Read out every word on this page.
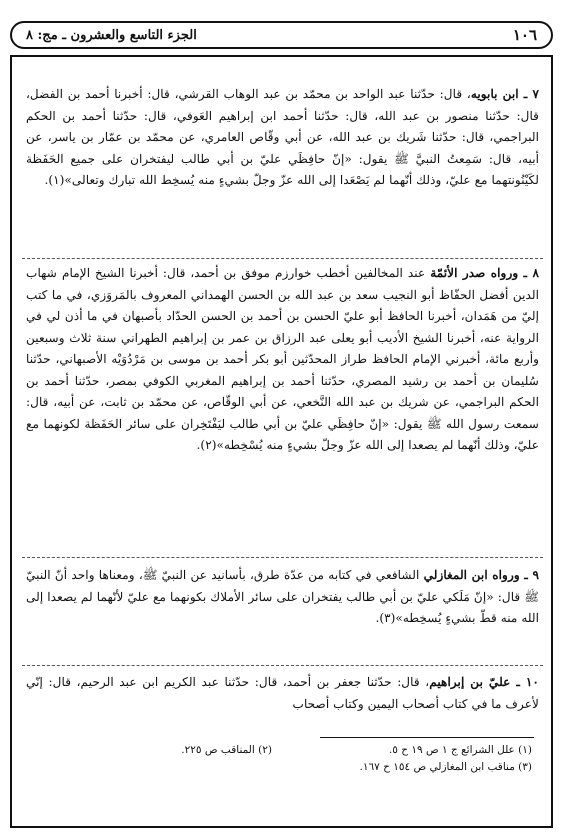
١٠٦
الجزء التاسع والعشرون ـ مج: ٨

٧ ـ ابن بابويه، قال: حدّثنا عبد الواحد بن محمّد بن عبد الوهاب القرشي، قال: أخبرنا أحمد بن الفضل، قال: حدّثنا منصور بن عبد الله، قال: حدّثنا أحمد ابن إبراهيم العَوفي، قال: حدّثنا أحمد بن الحكم البراجمي، قال: حدّثنا شَريك بن عبد الله، عن أبي وقّاص العامري، عن محمّد بن عمّار بن ياسر، عن أبيه، قال: سَمِعتُ النبيَّ ﷺ يقول: «إنّ حافِظَي عليّ بن أبي طالب ليفتخران على جميع الحَفَظة لكَيْنُونتهما مع عليّ، وذلك أنّهما لم يَصْعَدا إلى الله عزّ وجلّ بشيءٍ منه يُسخِط الله تبارك وتعالى»(١).

٨ ـ ورواه صدر الأئمّة عند المخالفين أخطب خوارزم موفق بن أحمد، قال: أخبرنا الشيخ الإمام شهاب الدين أفضل الحفّاظ أبو النجيب سعد بن عبد الله بن الحسن الهمداني المعروف بالمَروَزي، في ما كتب إليّ من هَمَدان، أخبرنا الحافظ أبو عليّ الحسن بن أحمد بن الحسن الحدّاد بأصبهان في ما أذن لي في الرواية عنه، أخبرنا الشيخ الأديب أبو يعلى عبد الرزاق بن عمر بن إبراهيم الطهراني سنة ثلاث وسبعين وأربع مائة، أخبرني الإمام الحافظ طراز المحدّثين أبو بكر أحمد بن موسى بن مَرْدُوَيْه الأصبهاني، حدّثنا سُليمان بن أحمد بن رشيد المصري، حدّثنا أحمد بن إبراهيم المغربي الكوفي بمصر، حدّثنا أحمد بن الحكم البراجمي، عن شريك بن عبد الله النَّخعي، عن أبي الوقّاص، عن محمّد بن ثابت، عن أبيه، قال: سمعت رسول الله ﷺ يقول: «إنّ حافِظَي عليّ بن أبي طالب ليَفْتَخِران على سائر الحَفَظة لكونهما مع عليّ، وذلك أنّهما لم يصعدا إلى الله عزّ وجلّ بشيءٍ منه يُسْخِطه»(٢).

٩ ـ ورواه ابن المغازلي الشافعي في كتابه من عدّة طرق، بأسانيد عن النبيّ ﷺ، ومعناها واحد أنّ النبيّ ﷺ قال: «إنّ مَلَكي عليّ بن أبي طالب يفتخران على سائر الأملاك بكونهما مع عليّ لأنّهما لم يصعدا إلى الله منه قطّ بشيءٍ يُسخِطه»(٣).

١٠ ـ عليّ بن إبراهيم، قال: حدّثنا جعفر بن أحمد، قال: حدّثنا عبد الكريم ابن عبد الرحيم، قال: إنّي لأعرف ما في كتاب أصحاب اليمين وكتاب أصحاب

(١) علل الشرائع ج ١ ص ١٩ ح ٥.
(٢) المناقب ص ٢٢٥.
(٣) مناقب ابن المغازلي ص ١٥٤ ح ١٦٧.
